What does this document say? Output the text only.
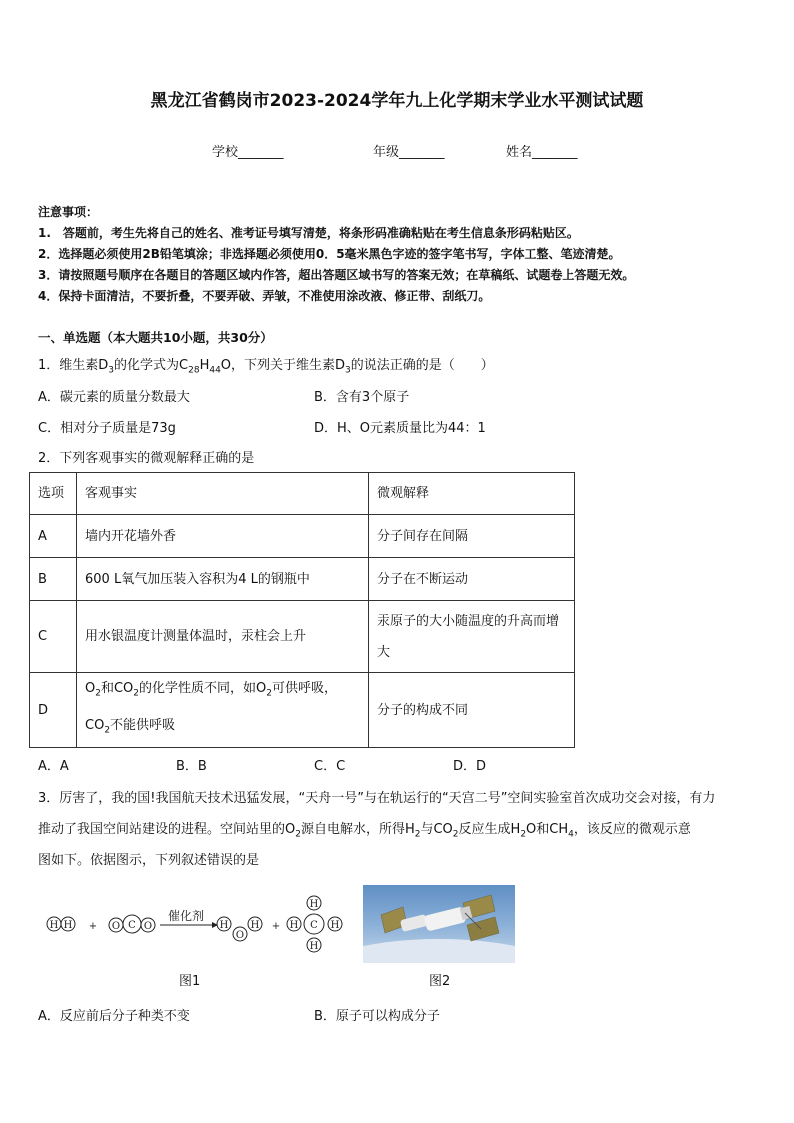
黑龙江省鹤岗市2023-2024学年九上化学期末学业水平测试试题
学校_______	年级_______	姓名_______
注意事项：
1.　答题前，考生先将自己的姓名、准考证号填写清楚，将条形码准确粘贴在考生信息条形码粘贴区。
2．选择题必须使用2B铅笔填涂；非选择题必须使用0．5毫米黑色字迹的签字笔书写，字体工整、笔迹清楚。
3．请按照题号顺序在各题目的答题区域内作答，超出答题区域书写的答案无效；在草稿纸、试题卷上答题无效。
4．保持卡面清洁，不要折叠，不要弄破、弄皱，不准使用涂改液、修正带、刮纸刀。
一、单选题（本大题共10小题，共30分）
1．维生素$D_3$的化学式为$C_{28}H_{44}O$，下列关于维生素$D_3$的说法正确的是（　　）
A．碳元素的质量分数最大	B．含有3个原子
C．相对分子质量是73g	D．H、O元素质量比为44：1
2．下列客观事实的微观解释正确的是
选项	客观事实	微观解释
A	墙内开花墙外香	分子间存在间隔
B	600 L氧气加压装入容积为4 L的钢瓶中	分子在不断运动
C	用水银温度计测量体温时，汞柱会上升	汞原子的大小随温度的升高而增大
D	$O_2$和$CO_2$的化学性质不同，如$O_2$可供呼吸，
$CO_2$不能供呼吸	分子的构成不同
A．A	B．B	C．C	D．D
3．厉害了，我的国!我国航天技术迅猛发展，“天舟一号”与在轨运行的“天宫二号”空间实验室首次成功交会对接，有力
推动了我国空间站建设的进程。空间站里的$O_2$源自电解水，所得$H_2$与$CO_2$反应生成$H_2O$和$CH_4$，该反应的微观示意
图如下。依据图示，下列叙述错误的是
H H + O C O
催化剂
H
O
H +
H
H C H
H
图1	图2
A．反应前后分子种类不变	B．原子可以构成分子
